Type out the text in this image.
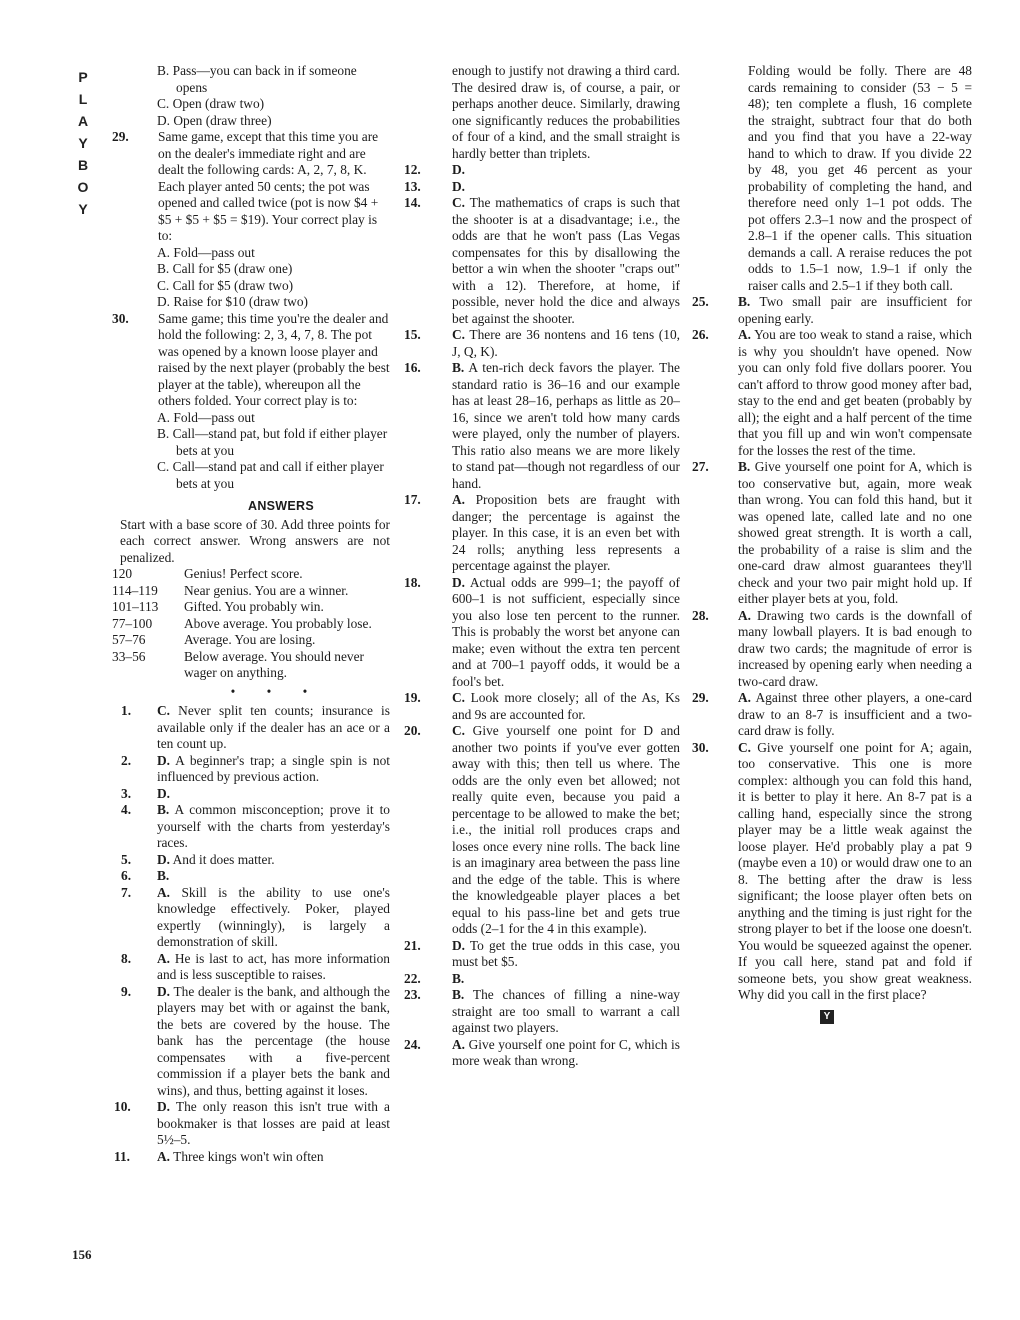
P
L
A
Y
B
O
Y
B. Pass—you can back in if someone opens
C. Open (draw two)
D. Open (draw three)
29. Same game, except that this time you are on the dealer's immediate right and are dealt the following cards: A, 2, 7, 8, K. Each player anted 50 cents; the pot was opened and called twice (pot is now $4 + $5 + $5 + $5 = $19). Your correct play is to:
A. Fold—pass out
B. Call for $5 (draw one)
C. Call for $5 (draw two)
D. Raise for $10 (draw two)
30. Same game; this time you're the dealer and hold the following: 2, 3, 4, 7, 8. The pot was opened by a known loose player and raised by the next player (probably the best player at the table), whereupon all the others folded. Your correct play is to:
A. Fold—pass out
B. Call—stand pat, but fold if either player bets at you
C. Call—stand pat and call if either player bets at you
ANSWERS
Start with a base score of 30. Add three points for each correct answer. Wrong answers are not penalized.
120	Genius! Perfect score.
114–119	Near genius. You are a winner.
101–113	Gifted. You probably win.
77–100	Above average. You probably lose.
57–76	Average. You are losing.
33–56	Below average. You should never wager on anything.
• • •
1. C. Never split ten counts; insurance is available only if the dealer has an ace or a ten count up.
2. D. A beginner's trap; a single spin is not influenced by previous action.
3. D.
4. B. A common misconception; prove it to yourself with the charts from yesterday's races.
5. D. And it does matter.
6. B.
7. A. Skill is the ability to use one's knowledge effectively. Poker, played expertly (winningly), is largely a demonstration of skill.
8. A. He is last to act, has more information and is less susceptible to raises.
9. D. The dealer is the bank, and although the players may bet with or against the bank, the bets are covered by the house. The bank has the percentage (the house compensates with a five-percent commission if a player bets the bank and wins), and thus, betting against it loses.
10. D. The only reason this isn't true with a bookmaker is that losses are paid at least 5½–5.
11. A. Three kings won't win often
enough to justify not drawing a third card. The desired draw is, of course, a pair, or perhaps another deuce. Similarly, drawing one significantly reduces the probabilities of four of a kind, and the small straight is hardly better than triplets.
12. D.
13. D.
14. C. The mathematics of craps is such that the shooter is at a disadvantage; i.e., the odds are that he won't pass (Las Vegas compensates for this by disallowing the bettor a win when the shooter "craps out" with a 12). Therefore, at home, if possible, never hold the dice and always bet against the shooter.
15. C. There are 36 nontens and 16 tens (10, J, Q, K).
16. B. A ten-rich deck favors the player. The standard ratio is 36–16 and our example has at least 28–16, perhaps as little as 20–16, since we aren't told how many cards were played, only the number of players. This ratio also means we are more likely to stand pat—though not regardless of our hand.
17. A. Proposition bets are fraught with danger; the percentage is against the player. In this case, it is an even bet with 24 rolls; anything less represents a percentage against the player.
18. D. Actual odds are 999–1; the payoff of 600–1 is not sufficient, especially since you also lose ten percent to the runner. This is probably the worst bet anyone can make; even without the extra ten percent and at 700–1 payoff odds, it would be a fool's bet.
19. C. Look more closely; all of the As, Ks and 9s are accounted for.
20. C. Give yourself one point for D and another two points if you've ever gotten away with this; then tell us where. The odds are the only even bet allowed; not really quite even, because you paid a percentage to be allowed to make the bet; i.e., the initial roll produces craps and loses once every nine rolls. The back line is an imaginary area between the pass line and the edge of the table. This is where the knowledgeable player places a bet equal to his pass-line bet and gets true odds (2–1 for the 4 in this example).
21. D. To get the true odds in this case, you must bet $5.
22. B.
23. B. The chances of filling a nine-way straight are too small to warrant a call against two players.
24. A. Give yourself one point for C, which is more weak than wrong.
Folding would be folly. There are 48 cards remaining to consider (53 − 5 = 48); ten complete a flush, 16 complete the straight, subtract four that do both and you find that you have a 22-way hand to which to draw. If you divide 22 by 48, you get 46 percent as your probability of completing the hand, and therefore need only 1–1 pot odds. The pot offers 2.3–1 now and the prospect of 2.8–1 if the opener calls. This situation demands a call. A reraise reduces the pot odds to 1.5–1 now, 1.9–1 if only the raiser calls and 2.5–1 if they both call.
25. B. Two small pair are insufficient for opening early.
26. A. You are too weak to stand a raise, which is why you shouldn't have opened. Now you can only fold five dollars poorer. You can't afford to throw good money after bad, stay to the end and get beaten (probably by all); the eight and a half percent of the time that you fill up and win won't compensate for the losses the rest of the time.
27. B. Give yourself one point for A, which is too conservative but, again, more weak than wrong. You can fold this hand, but it was opened late, called late and no one showed great strength. It is worth a call, the probability of a raise is slim and the one-card draw almost guarantees they'll check and your two pair might hold up. If either player bets at you, fold.
28. A. Drawing two cards is the downfall of many lowball players. It is bad enough to draw two cards; the magnitude of error is increased by opening early when needing a two-card draw.
29. A. Against three other players, a one-card draw to an 8-7 is insufficient and a two-card draw is folly.
30. C. Give yourself one point for A; again, too conservative. This one is more complex: although you can fold this hand, it is better to play it here. An 8-7 pat is a calling hand, especially since the strong player may be a little weak against the loose player. He'd probably play a pat 9 (maybe even a 10) or would draw one to an 8. The betting after the draw is less significant; the loose player often bets on anything and the timing is just right for the strong player to bet if the loose one doesn't. You would be squeezed against the opener. If you call here, stand pat and fold if someone bets, you show great weakness. Why did you call in the first place?
Y
156
